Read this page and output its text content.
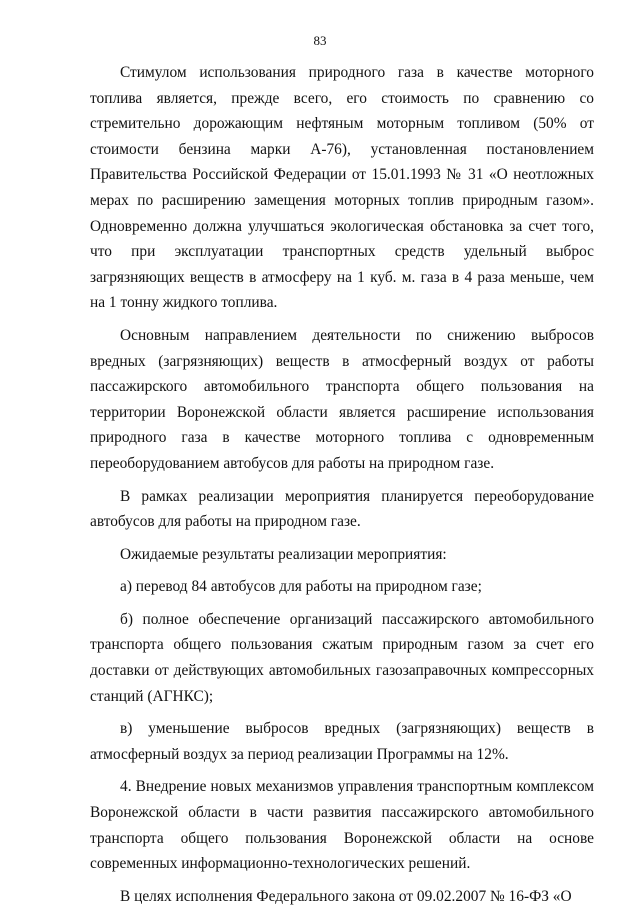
83

Стимулом использования природного газа в качестве моторного топлива является, прежде всего, его стоимость по сравнению со стремительно дорожающим нефтяным моторным топливом (50% от стоимости бензина марки А-76), установленная постановлением Правительства Российской Федерации от 15.01.1993 № 31 «О неотложных мерах по расширению замещения моторных топлив природным газом». Одновременно должна улучшаться экологическая обстановка за счет того, что при эксплуатации транспортных средств удельный выброс загрязняющих веществ в атмосферу на 1 куб. м. газа в 4 раза меньше, чем на 1 тонну жидкого топлива.

Основным направлением деятельности по снижению выбросов вредных (загрязняющих) веществ в атмосферный воздух от работы пассажирского автомобильного транспорта общего пользования на территории Воронежской области является расширение использования природного газа в качестве моторного топлива с одновременным переоборудованием автобусов для работы на природном газе.

В рамках реализации мероприятия планируется переоборудование автобусов для работы на природном газе.

Ожидаемые результаты реализации мероприятия:

а) перевод 84 автобусов для работы на природном газе;

б) полное обеспечение организаций пассажирского автомобильного транспорта общего пользования сжатым природным газом за счет его доставки от действующих автомобильных газозаправочных компрессорных станций (АГНКС);

в) уменьшение выбросов вредных (загрязняющих) веществ в атмосферный воздух за период реализации Программы на 12%.

4. Внедрение новых механизмов управления транспортным комплексом Воронежской области в части развития пассажирского автомобильного транспорта общего пользования Воронежской области на основе современных информационно-технологических решений.

В целях исполнения Федерального закона от 09.02.2007 № 16-ФЗ «О
